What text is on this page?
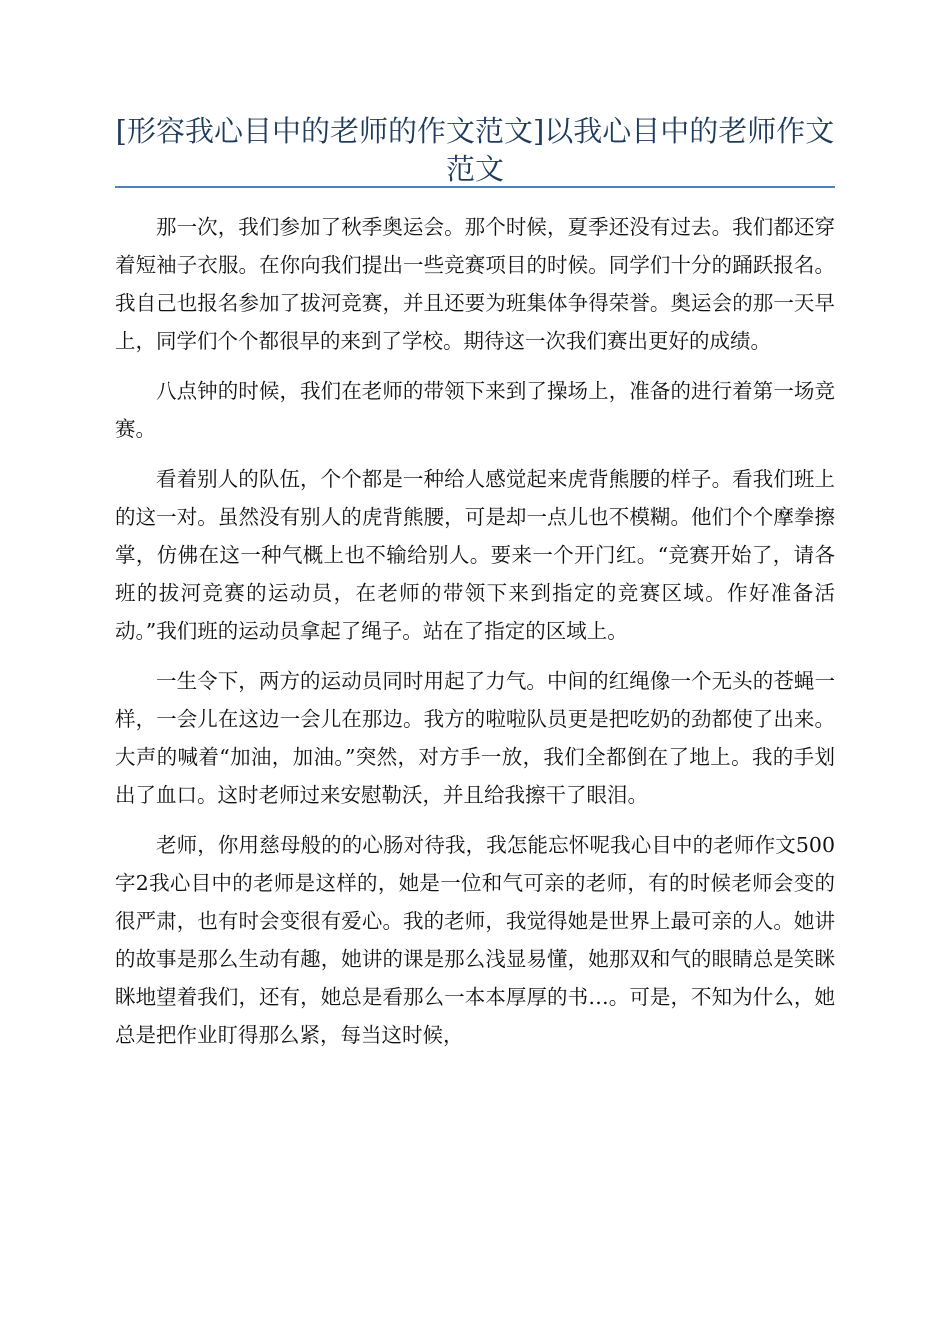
[形容我心目中的老师的作文范文]以我心目中的老师作文范文

那一次，我们参加了秋季奥运会。那个时候，夏季还没有过去。我们都还穿着短袖子衣服。在你向我们提出一些竞赛项目的时候。同学们十分的踊跃报名。我自己也报名参加了拔河竞赛，并且还要为班集体争得荣誉。奥运会的那一天早上，同学们个个都很早的来到了学校。期待这一次我们赛出更好的成绩。

八点钟的时候，我们在老师的带领下来到了操场上，准备的进行着第一场竞赛。

看着别人的队伍，个个都是一种给人感觉起来虎背熊腰的样子。看我们班上的这一对。虽然没有别人的虎背熊腰，可是却一点儿也不模糊。他们个个摩拳擦掌，仿佛在这一种气概上也不输给别人。要来一个开门红。“竞赛开始了，请各班的拔河竞赛的运动员，在老师的带领下来到指定的竞赛区域。作好准备活动。”我们班的运动员拿起了绳子。站在了指定的区域上。

一生令下，两方的运动员同时用起了力气。中间的红绳像一个无头的苍蝇一样，一会儿在这边一会儿在那边。我方的啦啦队员更是把吃奶的劲都使了出来。大声的喊着“加油，加油。”突然，对方手一放，我们全都倒在了地上。我的手划出了血口。这时老师过来安慰勒沃，并且给我擦干了眼泪。

老师，你用慈母般的的心肠对待我，我怎能忘怀呢我心目中的老师作文500字2我心目中的老师是这样的，她是一位和气可亲的老师，有的时候老师会变的很严肃，也有时会变很有爱心。我的老师，我觉得她是世界上最可亲的人。她讲的故事是那么生动有趣，她讲的课是那么浅显易懂，她那双和气的眼睛总是笑眯眯地望着我们，还有，她总是看那么一本本厚厚的书…。可是，不知为什么，她总是把作业盯得那么紧，每当这时候，
